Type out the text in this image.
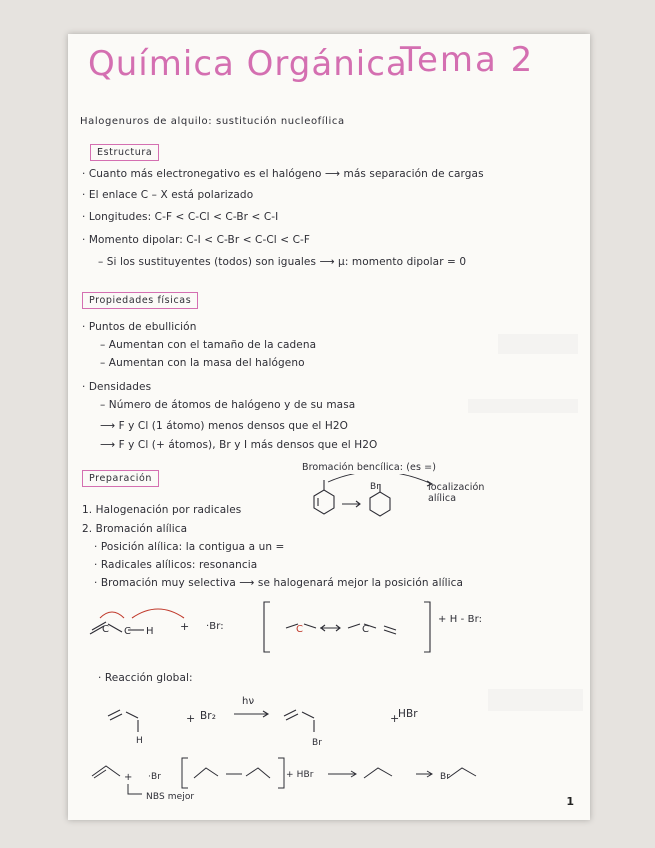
Química Orgánica
Tema 2
Halogenuros de alquilo: sustitución nucleofílica
Estructura
· Cuanto más electronegativo es el halógeno ⟶ más separación de cargas
· El enlace C – X está polarizado
· Longitudes: C-F < C-Cl < C-Br < C-I
· Momento dipolar: C-I < C-Br < C-Cl < C-F
– Si los sustituyentes (todos) son iguales ⟶ μ: momento dipolar = 0
Propiedades físicas
· Puntos de ebullición
– Aumentan con el tamaño de la cadena
– Aumentan con la masa del halógeno
· Densidades
– Número de átomos de halógeno y de su masa
⟶ F y Cl (1 átomo) menos densos que el H2O
⟶ F y Cl (+ átomos), Br y I más densos que el H2O
Preparación
Bromación bencílica: (es =)
localización alílica
Br
1. Halogenación por radicales
2. Bromación alílica
· Posición alílica: la contigua a un =
· Radicales alílicos: resonancia
· Bromación muy selectiva ⟶ se halogenará mejor la posición alílica
+
C C H	C	C
·Br:
+ H - Br:
· Reacción global:
+	+
Br₂
hν
HBr
H	Br
+ ·Br	+ HBr	Br
NBS mejor	1
